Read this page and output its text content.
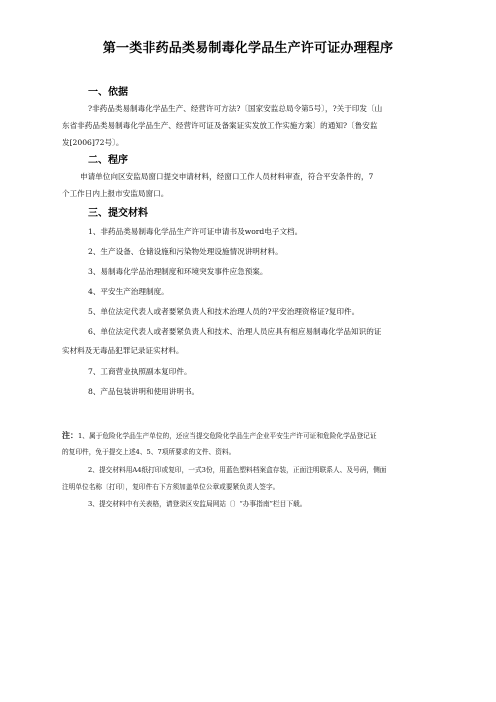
第一类非药品类易制毒化学品生产许可证办理程序
一、依据
?非药品类易制毒化学品生产、经营许可方法?〔国家安监总局令第5号〕，?关于印发〔山
东省非药品类易制毒化学品生产、经营许可证及备案证实发放工作实施方案〕的通知?〔鲁安监
发[2006]72号〕。
二、程序
申请单位向区安监局窗口提交申请材料，经窗口工作人员材料审查，符合平安条件的，7
个工作日内上报市安监局窗口。
三、提交材料
1、非药品类易制毒化学品生产许可证申请书及word电子文档。
2、生产设备、仓储设施和污染物处理设施情况讲明材料。
3、易制毒化学品治理制度和环境突发事件应急预案。
4、平安生产治理制度。
5、单位法定代表人或者要紧负责人和技术治理人员的?平安治理资格证?复印件。
6、单位法定代表人或者要紧负责人和技术、治理人员应具有相应易制毒化学品知识的证
实材料及无毒品犯罪记录证实材料。
7、工商营业执照副本复印件。
8、产品包装讲明和使用讲明书。
注：1、属于危险化学品生产单位的，还应当提交危险化学品生产企业平安生产许可证和危险化学品登记证
的复印件，免于提交上述4、5、7项所要求的文件、资料。
2、提交材料用A4纸打印或复印，一式3份，用蓝色塑料档案盒存装，正面注明联系人、及号码，侧面
注明单位名称〔打印〕，复印件右下方须加盖单位公章或要紧负责人签字。
3、提交材料中有关表格，请登录区安监局网站〔〕“办事指南”栏目下载。
